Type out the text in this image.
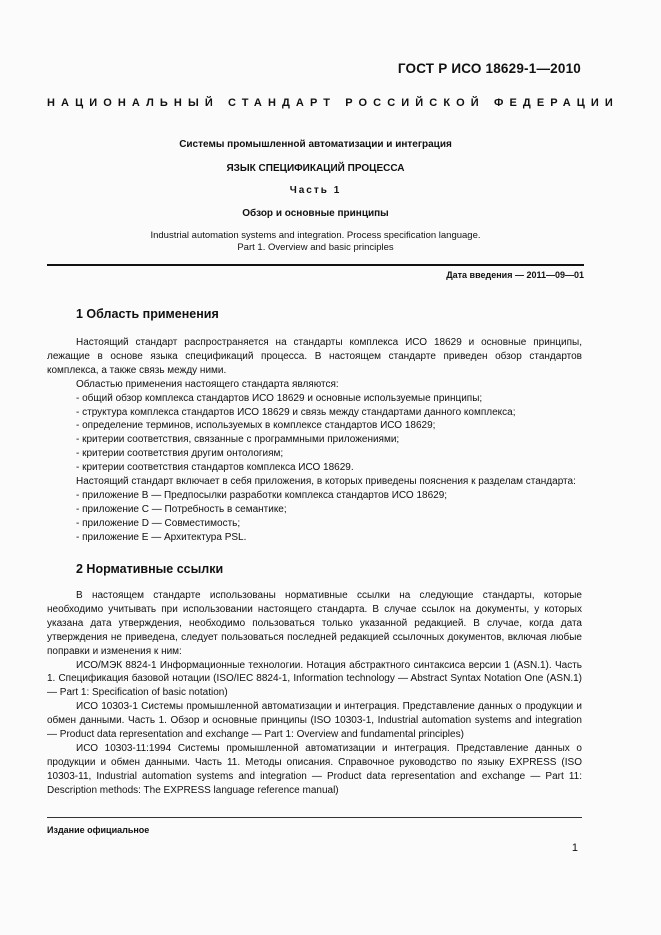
ГОСТ Р ИСО 18629-1—2010
НАЦИОНАЛЬНЫЙ СТАНДАРТ РОССИЙСКОЙ ФЕДЕРАЦИИ
Системы промышленной автоматизации и интеграция
ЯЗЫК СПЕЦИФИКАЦИЙ ПРОЦЕССА
Часть 1
Обзор и основные принципы
Industrial automation systems and integration. Process specification language.
Part 1. Overview and basic principles
Дата введения — 2011—09—01
1 Область применения

Настоящий стандарт распространяется на стандарты комплекса ИСО 18629 и основные принципы, лежащие в основе языка спецификаций процесса. В настоящем стандарте приведен обзор стандартов комплекса, а также связь между ними.

Областью применения настоящего стандарта являются:

- общий обзор комплекса стандартов ИСО 18629 и основные используемые принципы;

- структура комплекса стандартов ИСО 18629 и связь между стандартами данного комплекса;

- определение терминов, используемых в комплексе стандартов ИСО 18629;

- критерии соответствия, связанные с программными приложениями;

- критерии соответствия другим онтологиям;

- критерии соответствия стандартов комплекса ИСО 18629.

Настоящий стандарт включает в себя приложения, в которых приведены пояснения к разделам стандарта:

- приложение В — Предпосылки разработки комплекса стандартов ИСО 18629;

- приложение С — Потребность в семантике;

- приложение D — Совместимость;

- приложение Е — Архитектура PSL.

2 Нормативные ссылки

В настоящем стандарте использованы нормативные ссылки на следующие стандарты, которые необходимо учитывать при использовании настоящего стандарта. В случае ссылок на документы, у которых указана дата утверждения, необходимо пользоваться только указанной редакцией. В случае, когда дата утверждения не приведена, следует пользоваться последней редакцией ссылочных документов, включая любые поправки и изменения к ним:

ИСО/МЭК 8824-1 Информационные технологии. Нотация абстрактного синтаксиса версии 1 (ASN.1). Часть 1. Спецификация базовой нотации (ISO/IEC 8824-1, Information technology — Abstract Syntax Notation One (ASN.1) — Part 1: Specification of basic notation)

ИСО 10303-1 Системы промышленной автоматизации и интеграция. Представление данных о продукции и обмен данными. Часть 1. Обзор и основные принципы (ISO 10303-1, Industrial automation systems and integration — Product data representation and exchange — Part 1: Overview and fundamental principles)

ИСО 10303-11:1994 Системы промышленной автоматизации и интеграция. Представление данных о продукции и обмен данными. Часть 11. Методы описания. Справочное руководство по языку EXPRESS (ISO 10303-11, Industrial automation systems and integration — Product data representation and exchange — Part 11: Description methods: The EXPRESS language reference manual)

Издание официальное
1
